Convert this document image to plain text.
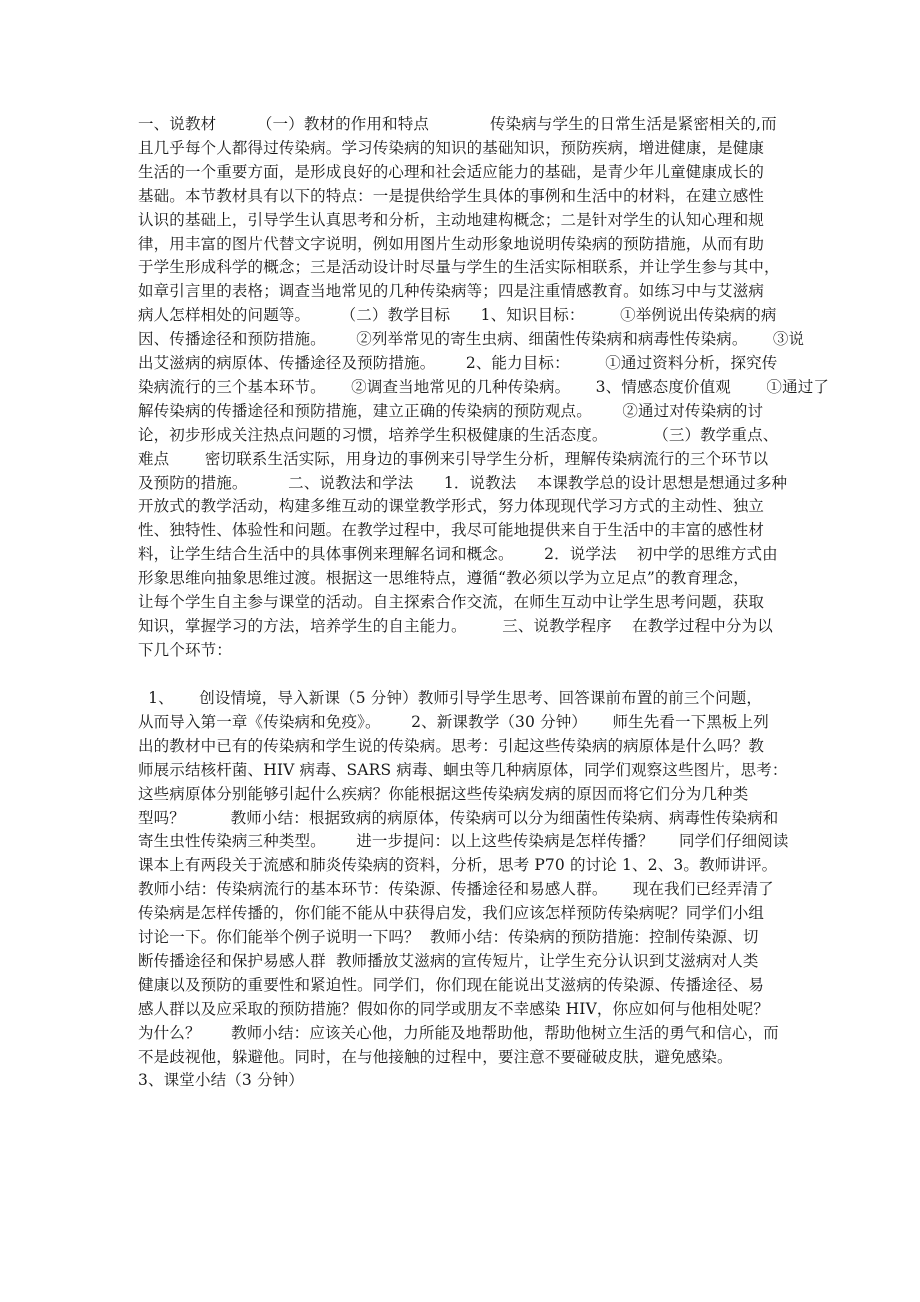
一、说教材        （一）教材的作用和特点            传染病与学生的日常生活是紧密相关的,而
且几乎每个人都得过传染病。学习传染病的知识的基础知识，预防疾病，增进健康，是健康
生活的一个重要方面，是形成良好的心理和社会适应能力的基础，是青少年儿童健康成长的
基础。本节教材具有以下的特点：一是提供给学生具体的事例和生活中的材料，在建立感性
认识的基础上，引导学生认真思考和分析，主动地建构概念；二是针对学生的认知心理和规
律，用丰富的图片代替文字说明，例如用图片生动形象地说明传染病的预防措施，从而有助
于学生形成科学的概念；三是活动设计时尽量与学生的生活实际相联系，并让学生参与其中，
如章引言里的表格；调查当地常见的几种传染病等；四是注重情感教育。如练习中与艾滋病
病人怎样相处的问题等。      （二）教学目标      1、知识目标：       ①举例说出传染病的病
因、传播途径和预防措施。      ②列举常见的寄生虫病、细菌性传染病和病毒性传染病。     ③说
出艾滋病的病原体、传播途径及预防措施。      2、能力目标：       ①通过资料分析，探究传
染病流行的三个基本环节。     ②调查当地常见的几种传染病。     3、情感态度价值观       ①通过了
解传染病的传播途径和预防措施，建立正确的传染病的预防观点。      ②通过对传染病的讨
论，初步形成关注热点问题的习惯，培养学生积极健康的生活态度。         （三）教学重点、
难点       密切联系生活实际，用身边的事例来引导学生分析，理解传染病流行的三个环节以
及预防的措施。        二、说教法和学法      1．说教法    本课教学总的设计思想是想通过多种
开放式的教学活动，构建多维互动的课堂教学形式，努力体现现代学习方式的主动性、独立
性、独特性、体验性和问题。在教学过程中，我尽可能地提供来自于生活中的丰富的感性材
料，让学生结合生活中的具体事例来理解名词和概念。      2．说学法    初中学的思维方式由
形象思维向抽象思维过渡。根据这一思维特点，遵循“教必须以学为立足点”的教育理念，
让每个学生自主参与课堂的活动。自主探索合作交流，在师生互动中让学生思考问题，获取
知识，掌握学习的方法，培养学生的自主能力。       三、说教学程序    在教学过程中分为以
下几个环节：
1、     创设情境，导入新课（5 分钟）教师引导学生思考、回答课前布置的前三个问题，
从而导入第一章《传染病和免疫》。      2、新课教学（30 分钟）     师生先看一下黑板上列
出的教材中已有的传染病和学生说的传染病。思考：引起这些传染病的病原体是什么吗？教
师展示结核杆菌、HIV 病毒、SARS 病毒、蛔虫等几种病原体，同学们观察这些图片，思考：
这些病原体分别能够引起什么疾病？你能根据这些传染病发病的原因而将它们分为几种类
型吗？         教师小结：根据致病的病原体，传染病可以分为细菌性传染病、病毒性传染病和
寄生虫性传染病三种类型。      进一步提问：以上这些传染病是怎样传播？     同学们仔细阅读
课本上有两段关于流感和肺炎传染病的资料，分析，思考 P70 的讨论 1、2、3。教师讲评。
教师小结：传染病流行的基本环节：传染源、传播途径和易感人群。     现在我们已经弄清了
传染病是怎样传播的，你们能不能从中获得启发，我们应该怎样预防传染病呢？同学们小组
讨论一下。你们能举个例子说明一下吗？  教师小结：传染病的预防措施：控制传染源、切
断传播途径和保护易感人群  教师播放艾滋病的宣传短片，让学生充分认识到艾滋病对人类
健康以及预防的重要性和紧迫性。同学们，你们现在能说出艾滋病的传染源、传播途径、易
感人群以及应采取的预防措施？假如你的同学或朋友不幸感染 HIV，你应如何与他相处呢？
为什么？      教师小结：应该关心他，力所能及地帮助他，帮助他树立生活的勇气和信心，而
不是歧视他，躲避他。同时，在与他接触的过程中，要注意不要碰破皮肤，避免感染。
3、课堂小结（3 分钟）
